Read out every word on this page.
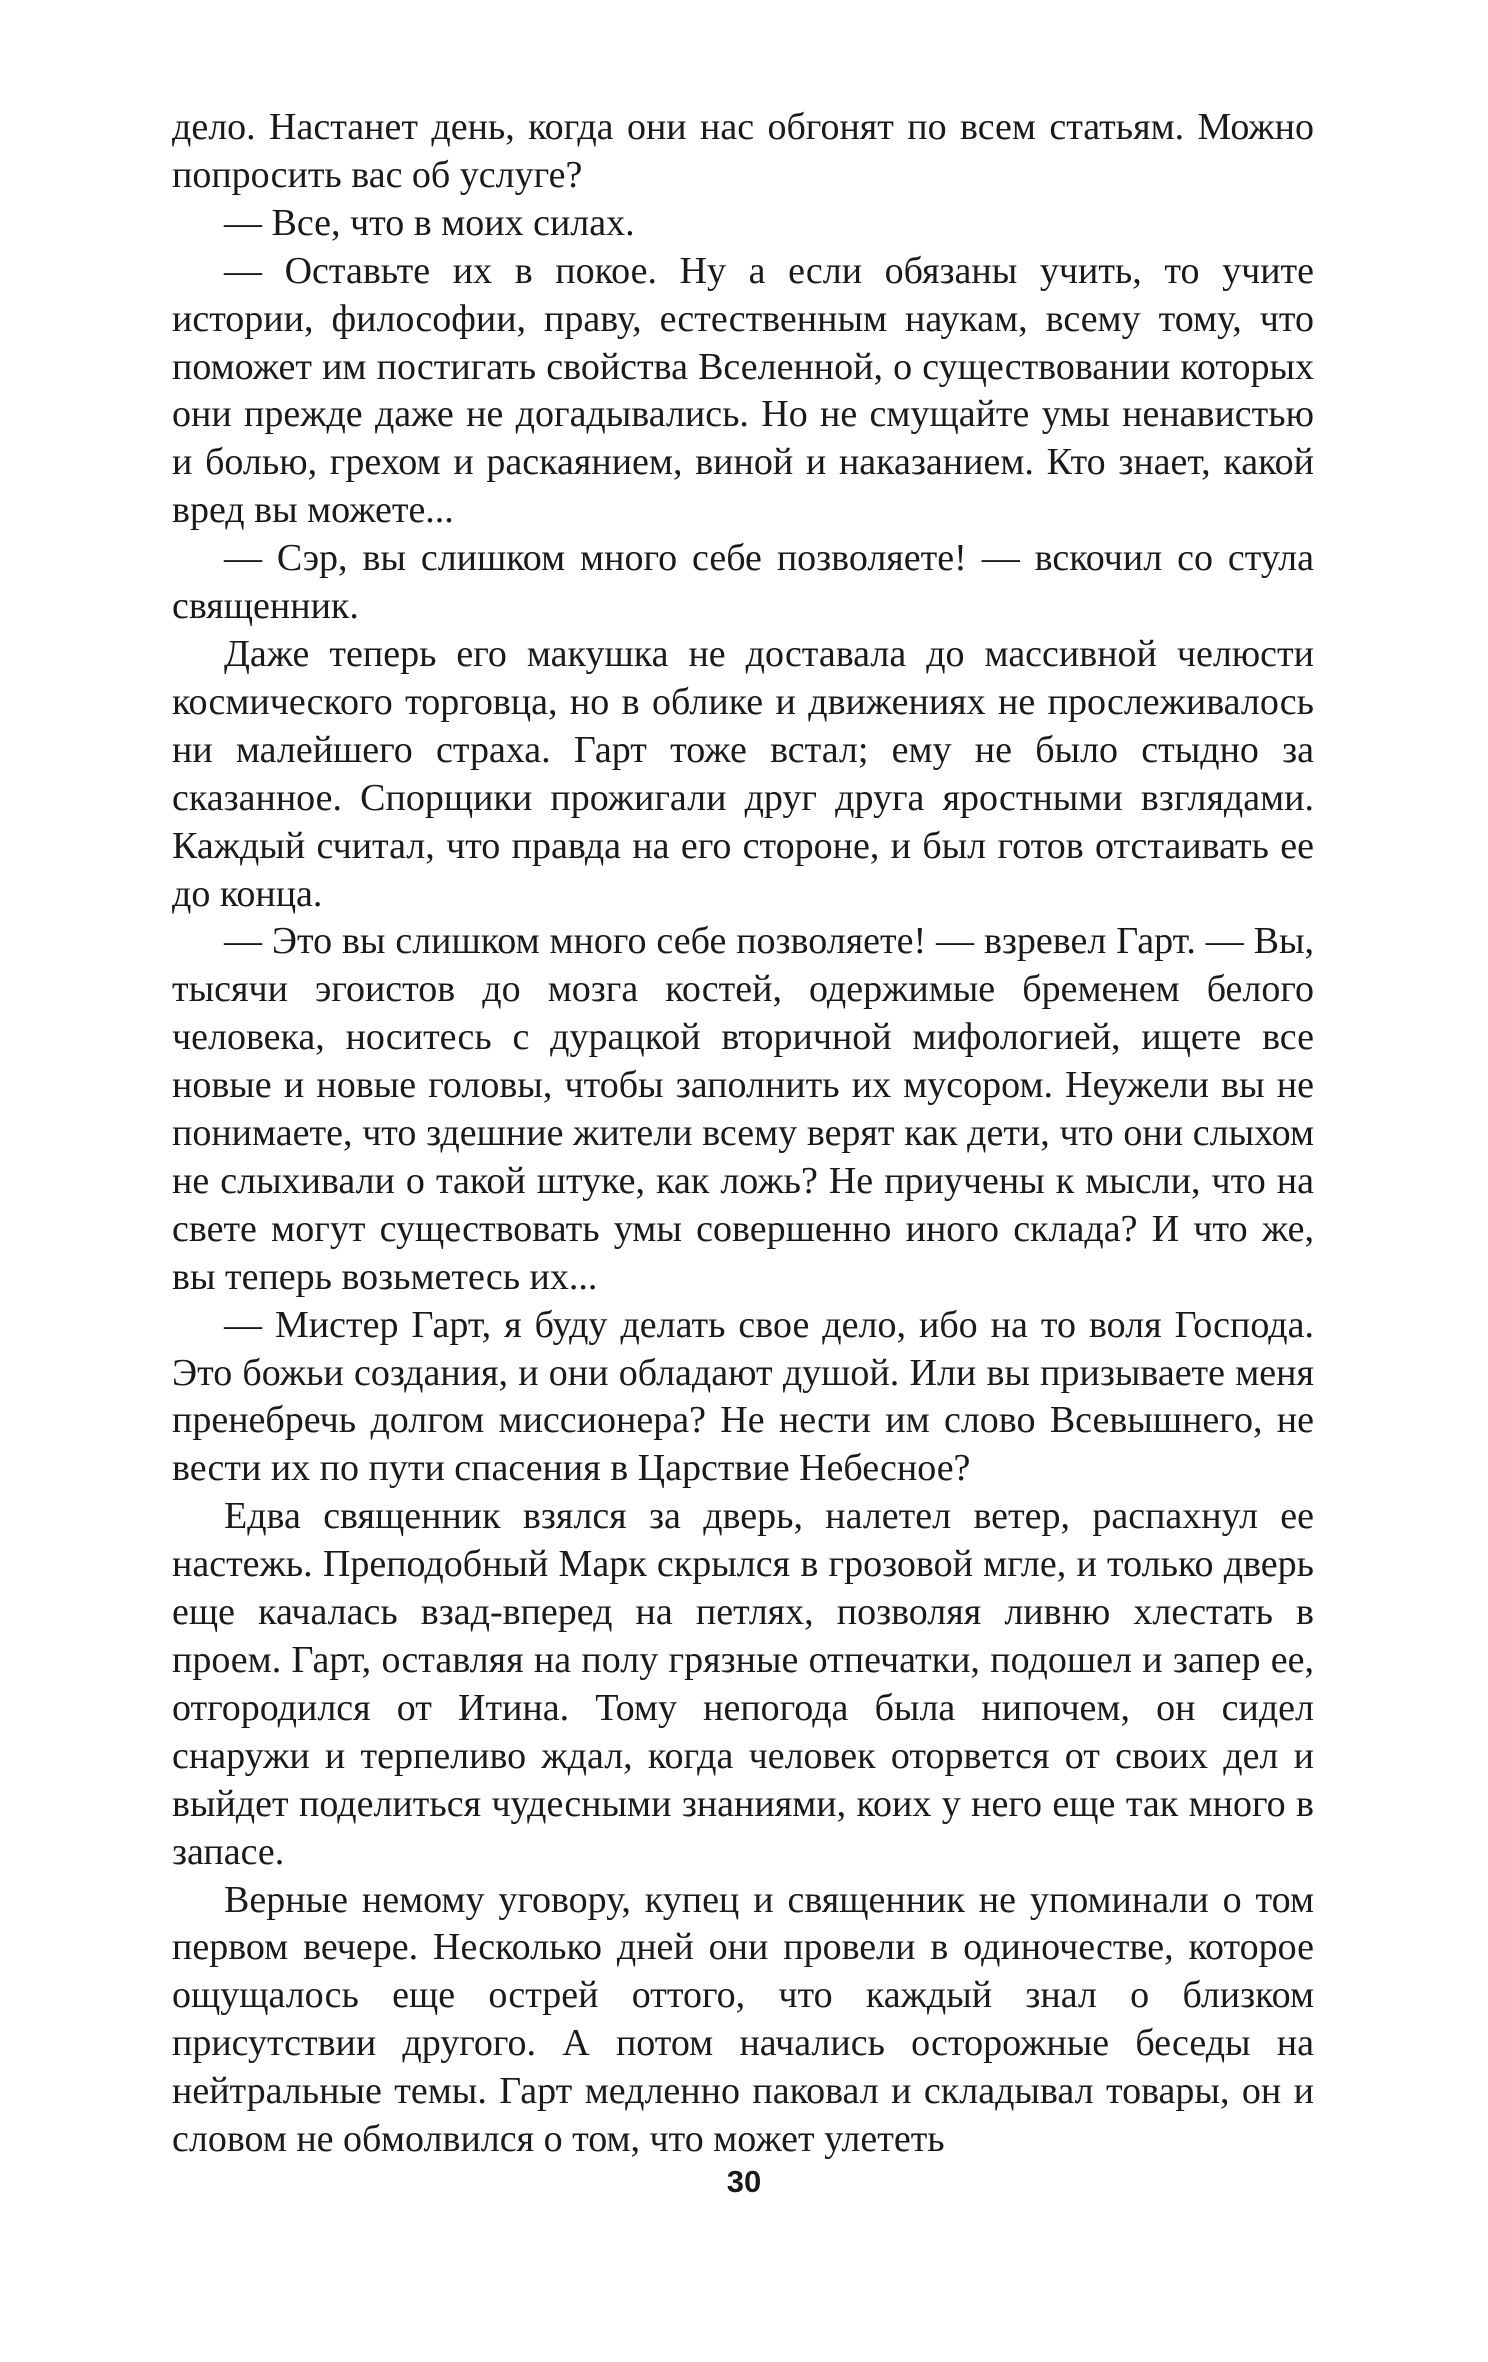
дело. Настанет день, когда они нас обгонят по всем статьям. Можно попросить вас об услуге?

— Все, что в моих силах.

— Оставьте их в покое. Ну а если обязаны учить, то учите истории, философии, праву, естественным наукам, всему тому, что поможет им постигать свойства Вселенной, о существовании которых они прежде даже не догадывались. Но не смущайте умы ненавистью и болью, грехом и раскаянием, виной и наказанием. Кто знает, какой вред вы можете...

— Сэр, вы слишком много себе позволяете! — вскочил со стула священник.

Даже теперь его макушка не доставала до массивной челюсти космического торговца, но в облике и движениях не прослеживалось ни малейшего страха. Гарт тоже встал; ему не было стыдно за сказанное. Спорщики прожигали друг друга яростными взглядами. Каждый считал, что правда на его стороне, и был готов отстаивать ее до конца.

— Это вы слишком много себе позволяете! — взревел Гарт. — Вы, тысячи эгоистов до мозга костей, одержимые бременем белого человека, носитесь с дурацкой вторичной мифологией, ищете все новые и новые головы, чтобы заполнить их мусором. Неужели вы не понимаете, что здешние жители всему верят как дети, что они слыхом не слыхивали о такой штуке, как ложь? Не приучены к мысли, что на свете могут существовать умы совершенно иного склада? И что же, вы теперь возьметесь их...

— Мистер Гарт, я буду делать свое дело, ибо на то воля Господа. Это божьи создания, и они обладают душой. Или вы призываете меня пренебречь долгом миссионера? Не нести им слово Всевышнего, не вести их по пути спасения в Царствие Небесное?

Едва священник взялся за дверь, налетел ветер, распахнул ее настежь. Преподобный Марк скрылся в грозовой мгле, и только дверь еще качалась взад-вперед на петлях, позволяя ливню хлестать в проем. Гарт, оставляя на полу грязные отпечатки, подошел и запер ее, отгородился от Итина. Тому непогода была нипочем, он сидел снаружи и терпеливо ждал, когда человек оторвется от своих дел и выйдет поделиться чудесными знаниями, коих у него еще так много в запасе.

Верные немому уговору, купец и священник не упоминали о том первом вечере. Несколько дней они провели в одиночестве, которое ощущалось еще острей оттого, что каждый знал о близком присутствии другого. А потом начались осторожные беседы на нейтральные темы. Гарт медленно паковал и складывал товары, он и словом не обмолвился о том, что может улететь

30
